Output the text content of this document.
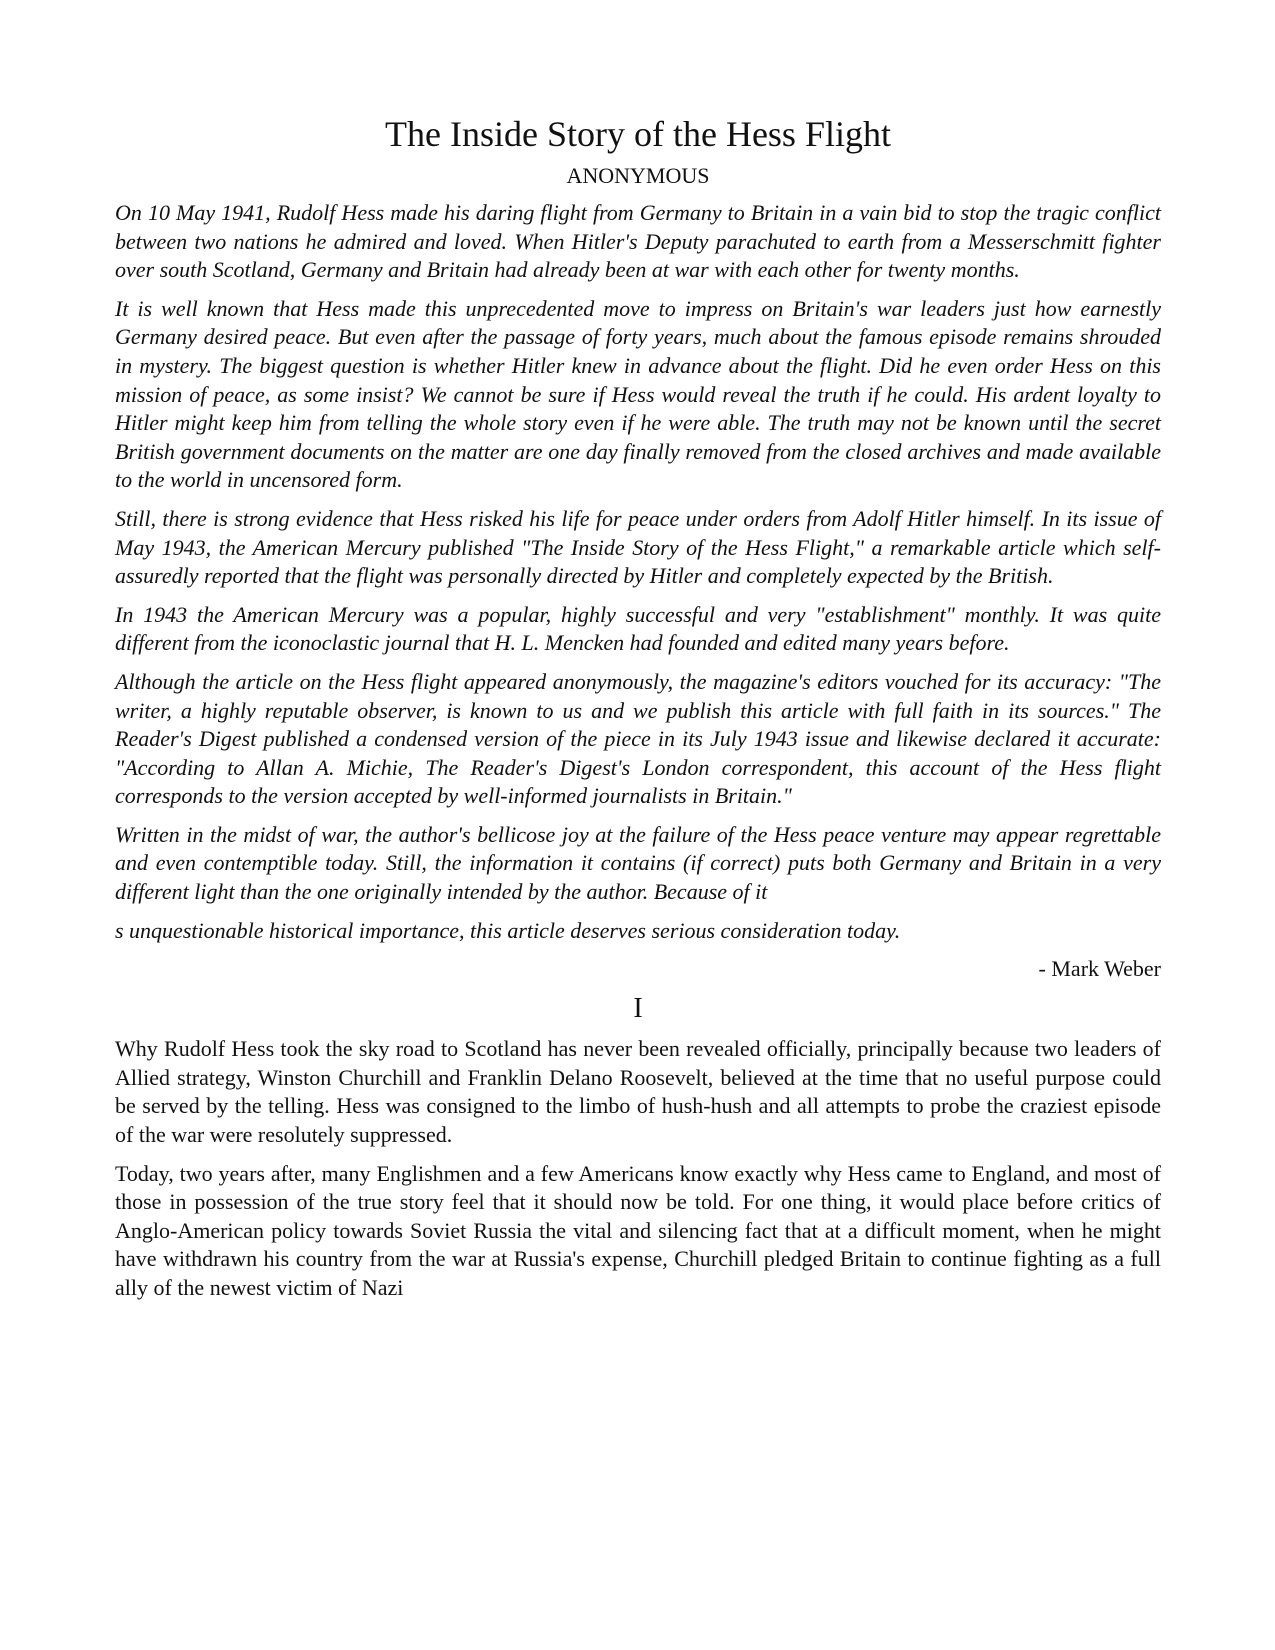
The Inside Story of the Hess Flight
ANONYMOUS

On 10 May 1941, Rudolf Hess made his daring flight from Germany to Britain in a vain bid to stop the tragic conflict between two nations he admired and loved. When Hitler's Deputy parachuted to earth from a Messerschmitt fighter over south Scotland, Germany and Britain had already been at war with each other for twenty months.

It is well known that Hess made this unprecedented move to impress on Britain's war leaders just how earnestly Germany desired peace. But even after the passage of forty years, much about the famous episode remains shrouded in mystery. The biggest question is whether Hitler knew in advance about the flight. Did he even order Hess on this mission of peace, as some insist? We cannot be sure if Hess would reveal the truth if he could. His ardent loyalty to Hitler might keep him from telling the whole story even if he were able. The truth may not be known until the secret British government documents on the matter are one day finally removed from the closed archives and made available to the world in uncensored form.

Still, there is strong evidence that Hess risked his life for peace under orders from Adolf Hitler himself. In its issue of May 1943, the American Mercury published "The Inside Story of the Hess Flight," a remarkable article which self-assuredly reported that the flight was personally directed by Hitler and completely expected by the British.

In 1943 the American Mercury was a popular, highly successful and very "establishment" monthly. It was quite different from the iconoclastic journal that H. L. Mencken had founded and edited many years before.

Although the article on the Hess flight appeared anonymously, the magazine's editors vouched for its accuracy: "The writer, a highly reputable observer, is known to us and we publish this article with full faith in its sources." The Reader's Digest published a condensed version of the piece in its July 1943 issue and likewise declared it accurate: "According to Allan A. Michie, The Reader's Digest's London correspondent, this account of the Hess flight corresponds to the version accepted by well-informed journalists in Britain."

Written in the midst of war, the author's bellicose joy at the failure of the Hess peace venture may appear regrettable and even contemptible today. Still, the information it contains (if correct) puts both Germany and Britain in a very different light than the one originally intended by the author. Because of it

s unquestionable historical importance, this article deserves serious consideration today.

- Mark Weber
I

Why Rudolf Hess took the sky road to Scotland has never been revealed officially, principally because two leaders of Allied strategy, Winston Churchill and Franklin Delano Roosevelt, believed at the time that no useful purpose could be served by the telling. Hess was consigned to the limbo of hush-hush and all attempts to probe the craziest episode of the war were resolutely suppressed.

Today, two years after, many Englishmen and a few Americans know exactly why Hess came to England, and most of those in possession of the true story feel that it should now be told. For one thing, it would place before critics of Anglo-American policy towards Soviet Russia the vital and silencing fact that at a difficult moment, when he might have withdrawn his country from the war at Russia's expense, Churchill pledged Britain to continue fighting as a full ally of the newest victim of Nazi
